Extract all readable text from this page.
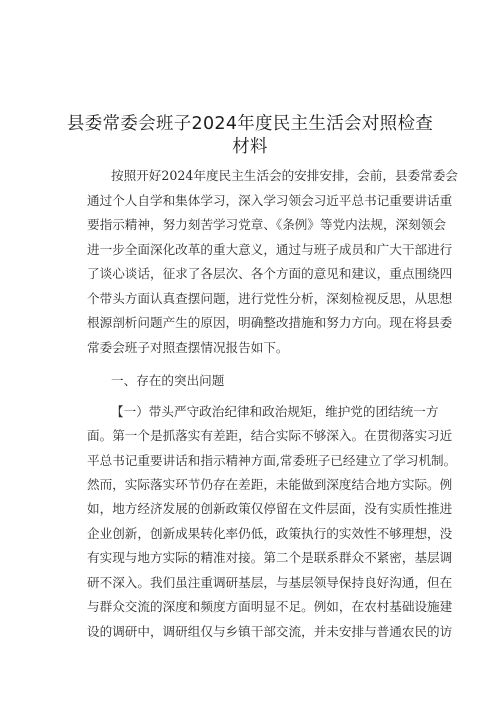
县委常委会班子2024年度民主生活会对照检查
材料
按照开好2024年度民主生活会的安排安排，会前，县委常委会
通过个人自学和集体学习，深入学习领会习近平总书记重要讲话重
要指示精神，努力刻苦学习党章、《条例》等党内法规，深刻领会
进一步全面深化改革的重大意义，通过与班子成员和广大干部进行
了谈心谈话，征求了各层次、各个方面的意见和建议，重点围绕四
个带头方面认真查摆问题，进行党性分析，深刻检视反思，从思想
根源剖析问题产生的原因，明确整改措施和努力方向。现在将县委
常委会班子对照查摆情况报告如下。
一、存在的突出问题
【一）带头严守政治纪律和政治规矩，维护党的团结统一方
面。第一个是抓落实有差距，结合实际不够深入。在贯彻落实习近
平总书记重要讲话和指示精神方面,常委班子已经建立了学习机制。
然而，实际落实环节仍存在差距，未能做到深度结合地方实际。例
如，地方经济发展的创新政策仅停留在文件层面，没有实质性推进
企业创新，创新成果转化率仍低，政策执行的实效性不够理想，没
有实现与地方实际的精准对接。第二个是联系群众不紧密，基层调
研不深入。我们虽注重调研基层，与基层领导保持良好沟通，但在
与群众交流的深度和频度方面明显不足。例如，在农村基础设施建
设的调研中，调研组仅与乡镇干部交流，并未安排与普通农民的访
